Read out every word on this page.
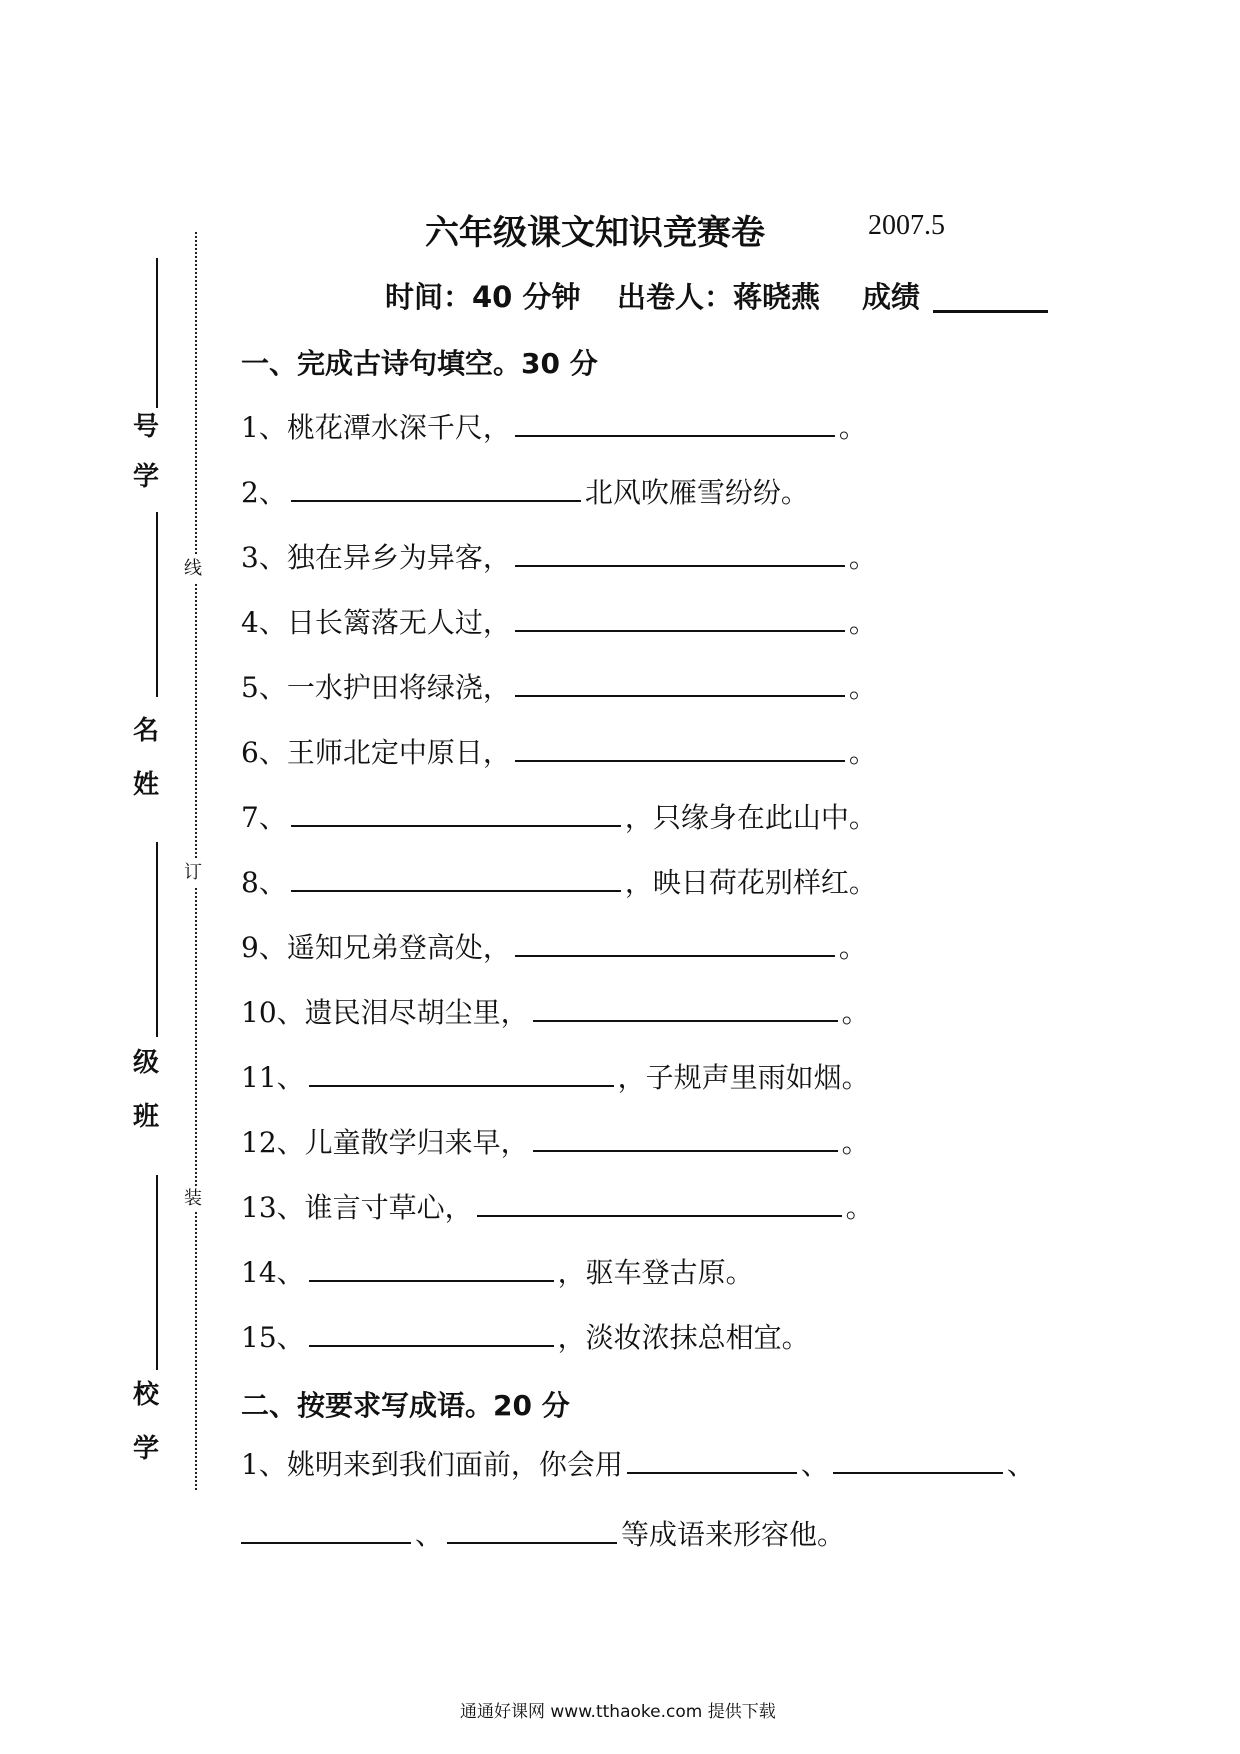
线
订
装
号
学
名
姓
级
班
校
学
六年级课文知识竞赛卷	2007.5
时间：40 分钟 出卷人：蒋晓燕 成绩
一、完成古诗句填空。30 分
1、 桃花潭水深千尺，	。
2、	北风吹雁雪纷纷。
3、 独在异乡为异客，	。
4、 日长篱落无人过，	。
5、 一水护田将绿浇，	。
6、 王师北定中原日，	。
7、	，只缘身在此山中。
8、	，映日荷花别样红。
9、 遥知兄弟登高处，	。
10、 遗民泪尽胡尘里，	。
11、	，子规声里雨如烟。
12、 儿童散学归来早，	。
13、 谁言寸草心，	。
14、	，驱车登古原。
15、	，淡妆浓抹总相宜。
二、按要求写成语。20 分
1、姚明来到我们面前，你会用	、	、
、	等成语来形容他。
通通好课网 www.tthaoke.com 提供下载
